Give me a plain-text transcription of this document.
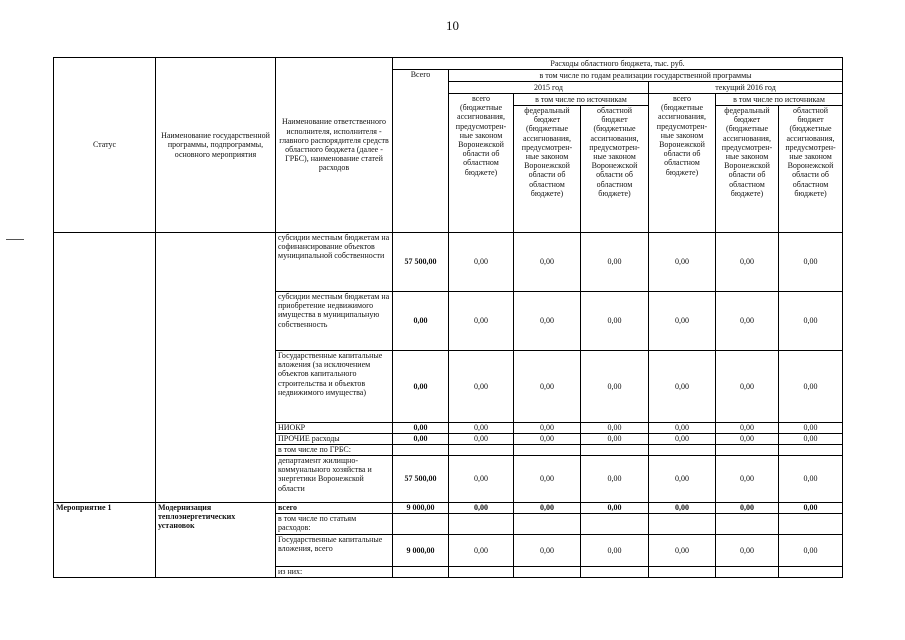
10
Статус	Наименование государственной программы, подпрограммы, основного мероприятия	Наименование ответственного исполнителя, исполнителя - главного распорядителя средств областного бюджета (далее - ГРБС), наименование статей расходов	Расходы областного бюджета, тыс. руб.						
			Всего	в том числе по годам реализации государственной программы					
				2015 год			текущий 2016 год		
				всего (бюджетные ассигнования, предусмотрен-ные законом Воронежской области об областном бюджете)	в том числе по источникам		всего (бюджетные ассигнования, предусмотрен-ные законом Воронежской области об областном бюджете)	в том числе по источникам	
					федеральный бюджет (бюджетные ассигнования, предусмотрен-ные законом Воронежской области об областном бюджете)	областной бюджет (бюджетные ассигнования, предусмотрен-ные законом Воронежской области об областном бюджете)		федеральный бюджет (бюджетные ассигнования, предусмотрен-ные законом Воронежской области об областном бюджете)	областной бюджет (бюджетные ассигнования, предусмотрен-ные законом Воронежской области об областном бюджете)
		субсидии местным бюджетам на софинансирование объектов муниципальной собственности	57 500,00	0,00	0,00	0,00	0,00	0,00	0,00
		субсидии местным бюджетам на приобретение недвижимого имущества в муниципальную собственность	0,00	0,00	0,00	0,00	0,00	0,00	0,00
		Государственные капитальные вложения (за исключением объектов капитального строительства и объектов недвижимого имущества)	0,00	0,00	0,00	0,00	0,00	0,00	0,00
		НИОКР	0,00	0,00	0,00	0,00	0,00	0,00	0,00
		ПРОЧИЕ расходы	0,00	0,00	0,00	0,00	0,00	0,00	0,00
		в том числе по ГРБС:							
		департамент жилищно-коммунального хозяйства и энергетики Воронежской области	57 500,00	0,00	0,00	0,00	0,00	0,00	0,00
Мероприятие 1	Модернизация теплоэнергетических установок	всего	9 000,00	0,00	0,00	0,00	0,00	0,00	0,00
		в том числе по статьям расходов:							
		Государственные капитальные вложения, всего	9 000,00	0,00	0,00	0,00	0,00	0,00	0,00
		из них:							
